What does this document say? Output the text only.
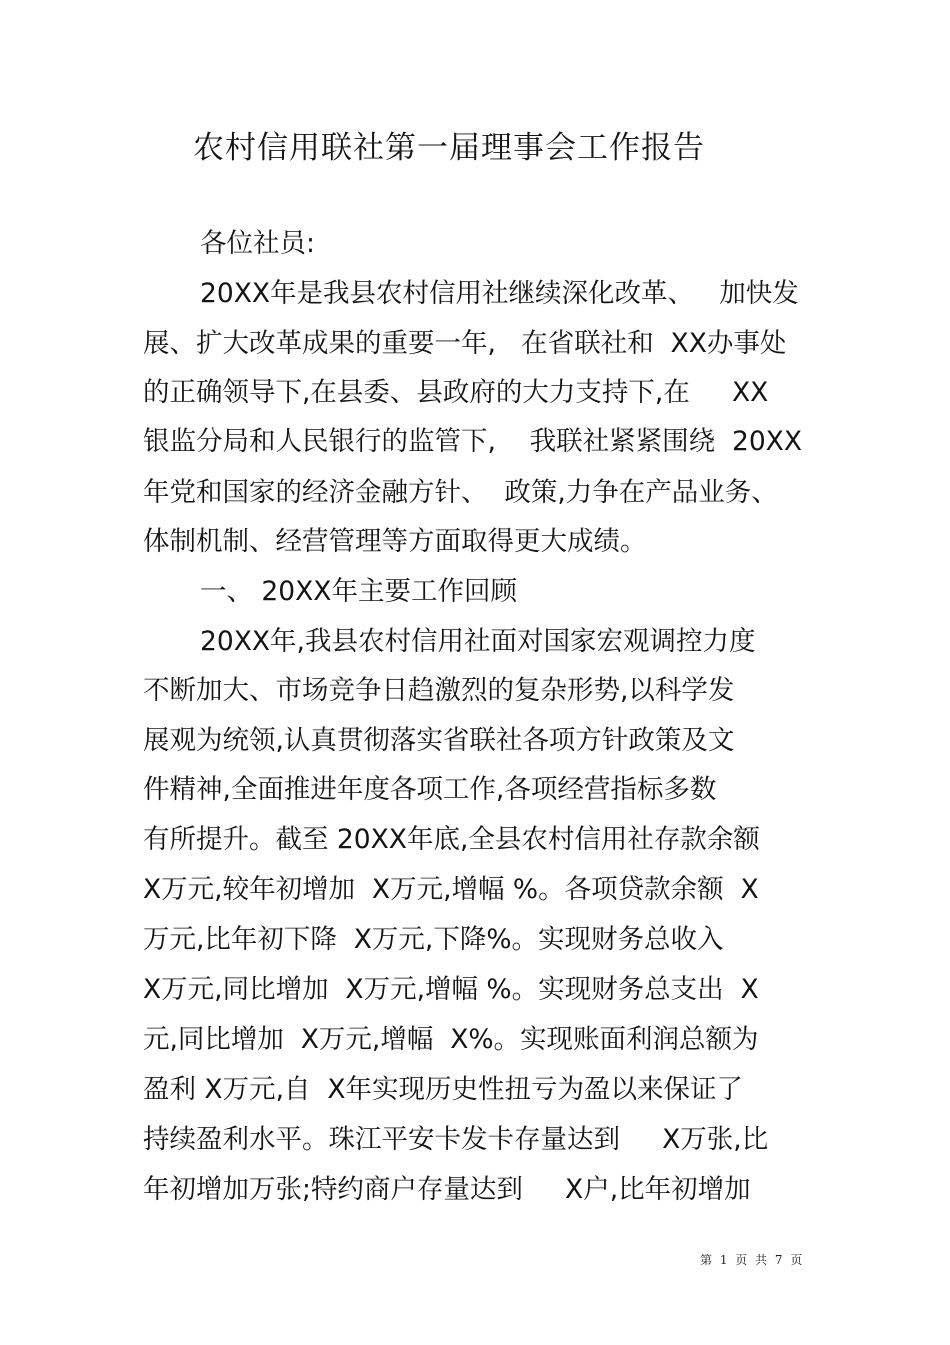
农村信用联社第一届理事会工作报告
各位社员:
20XX年是我县农村信用社继续深化改革、   加快发
展、扩大改革成果的重要一年,   在省联社和  XX办事处
的正确领导下,在县委、县政府的大力支持下,在     XX
银监分局和人民银行的监管下,    我联社紧紧围绕  20XX
年党和国家的经济金融方针、  政策,力争在产品业务、
体制机制、经营管理等方面取得更大成绩。
一、 20XX年主要工作回顾
20XX年,我县农村信用社面对国家宏观调控力度
不断加大、市场竞争日趋激烈的复杂形势,以科学发
展观为统领,认真贯彻落实省联社各项方针政策及文
件精神,全面推进年度各项工作,各项经营指标多数
有所提升。截至 20XX年底,全县农村信用社存款余额
X万元,较年初增加  X万元,增幅 %。各项贷款余额  X
万元,比年初下降  X万元,下降%。实现财务总收入
X万元,同比增加  X万元,增幅 %。实现财务总支出  X
元,同比增加  X万元,增幅  X%。实现账面利润总额为
盈利 X万元,自  X年实现历史性扭亏为盈以来保证了
持续盈利水平。珠江平安卡发卡存量达到     X万张,比
年初增加万张;特约商户存量达到     X户,比年初增加
第 1 页 共 7 页
